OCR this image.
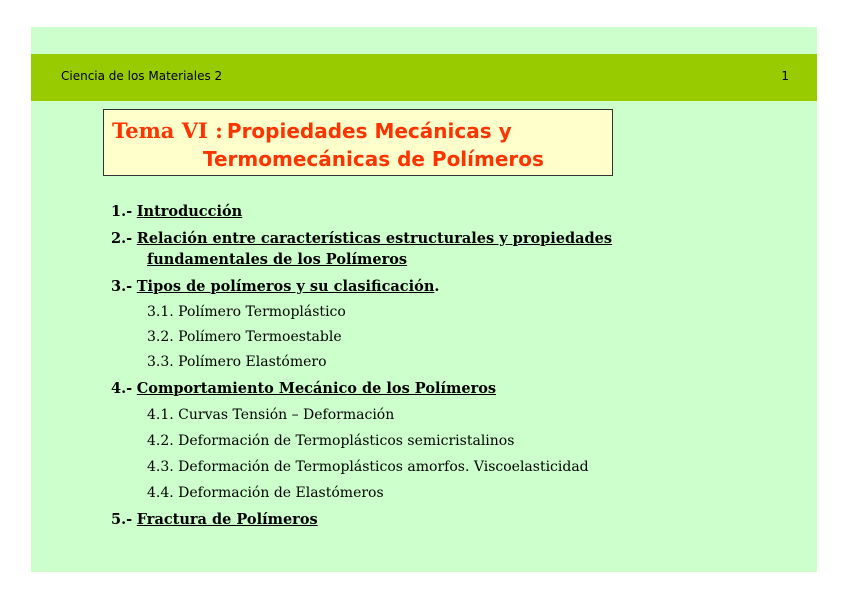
Ciencia de los Materiales 2	1
Tema VI : Propiedades Mecánicas y
Termomecánicas de Polímeros
1.- Introducción
2.- Relación entre características estructurales y propiedades
fundamentales de los Polímeros
3.- Tipos de polímeros y su clasificación.
3.1. Polímero Termoplástico
3.2. Polímero Termoestable
3.3. Polímero Elastómero
4.- Comportamiento Mecánico de los Polímeros
4.1. Curvas Tensión – Deformación
4.2. Deformación de Termoplásticos semicristalinos
4.3. Deformación de Termoplásticos amorfos. Viscoelasticidad
4.4. Deformación de Elastómeros
5.- Fractura de Polímeros
